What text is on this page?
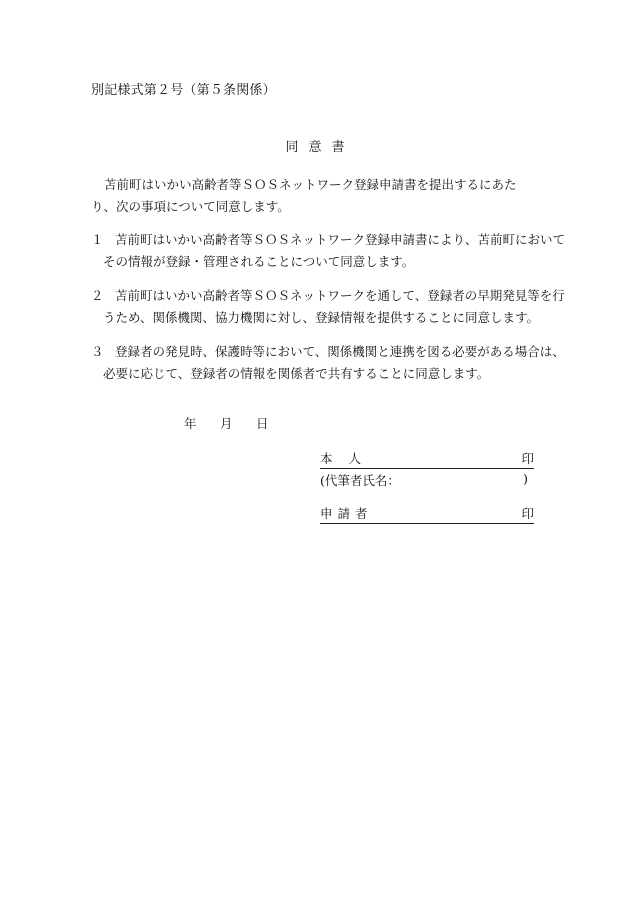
別記様式第２号（第５条関係）
同意書
苫前町はいかい高齢者等ＳＯＳネットワーク登録申請書を提出するにあたり、次の事項について同意します。
１ 苫前町はいかい高齢者等ＳＯＳネットワーク登録申請書により、苫前町において
その情報が登録・管理されることについて同意します。
２ 苫前町はいかい高齢者等ＳＯＳネットワークを通して、登録者の早期発見等を行
うため、関係機関、協力機関に対し、登録情報を提供することに同意します。
３ 登録者の発見時、保護時等において、関係機関と連携を図る必要がある場合は、
必要に応じて、登録者の情報を関係者で共有することに同意します。
年 月 日
本人	印
(代筆者氏名：	)
申請者	印
